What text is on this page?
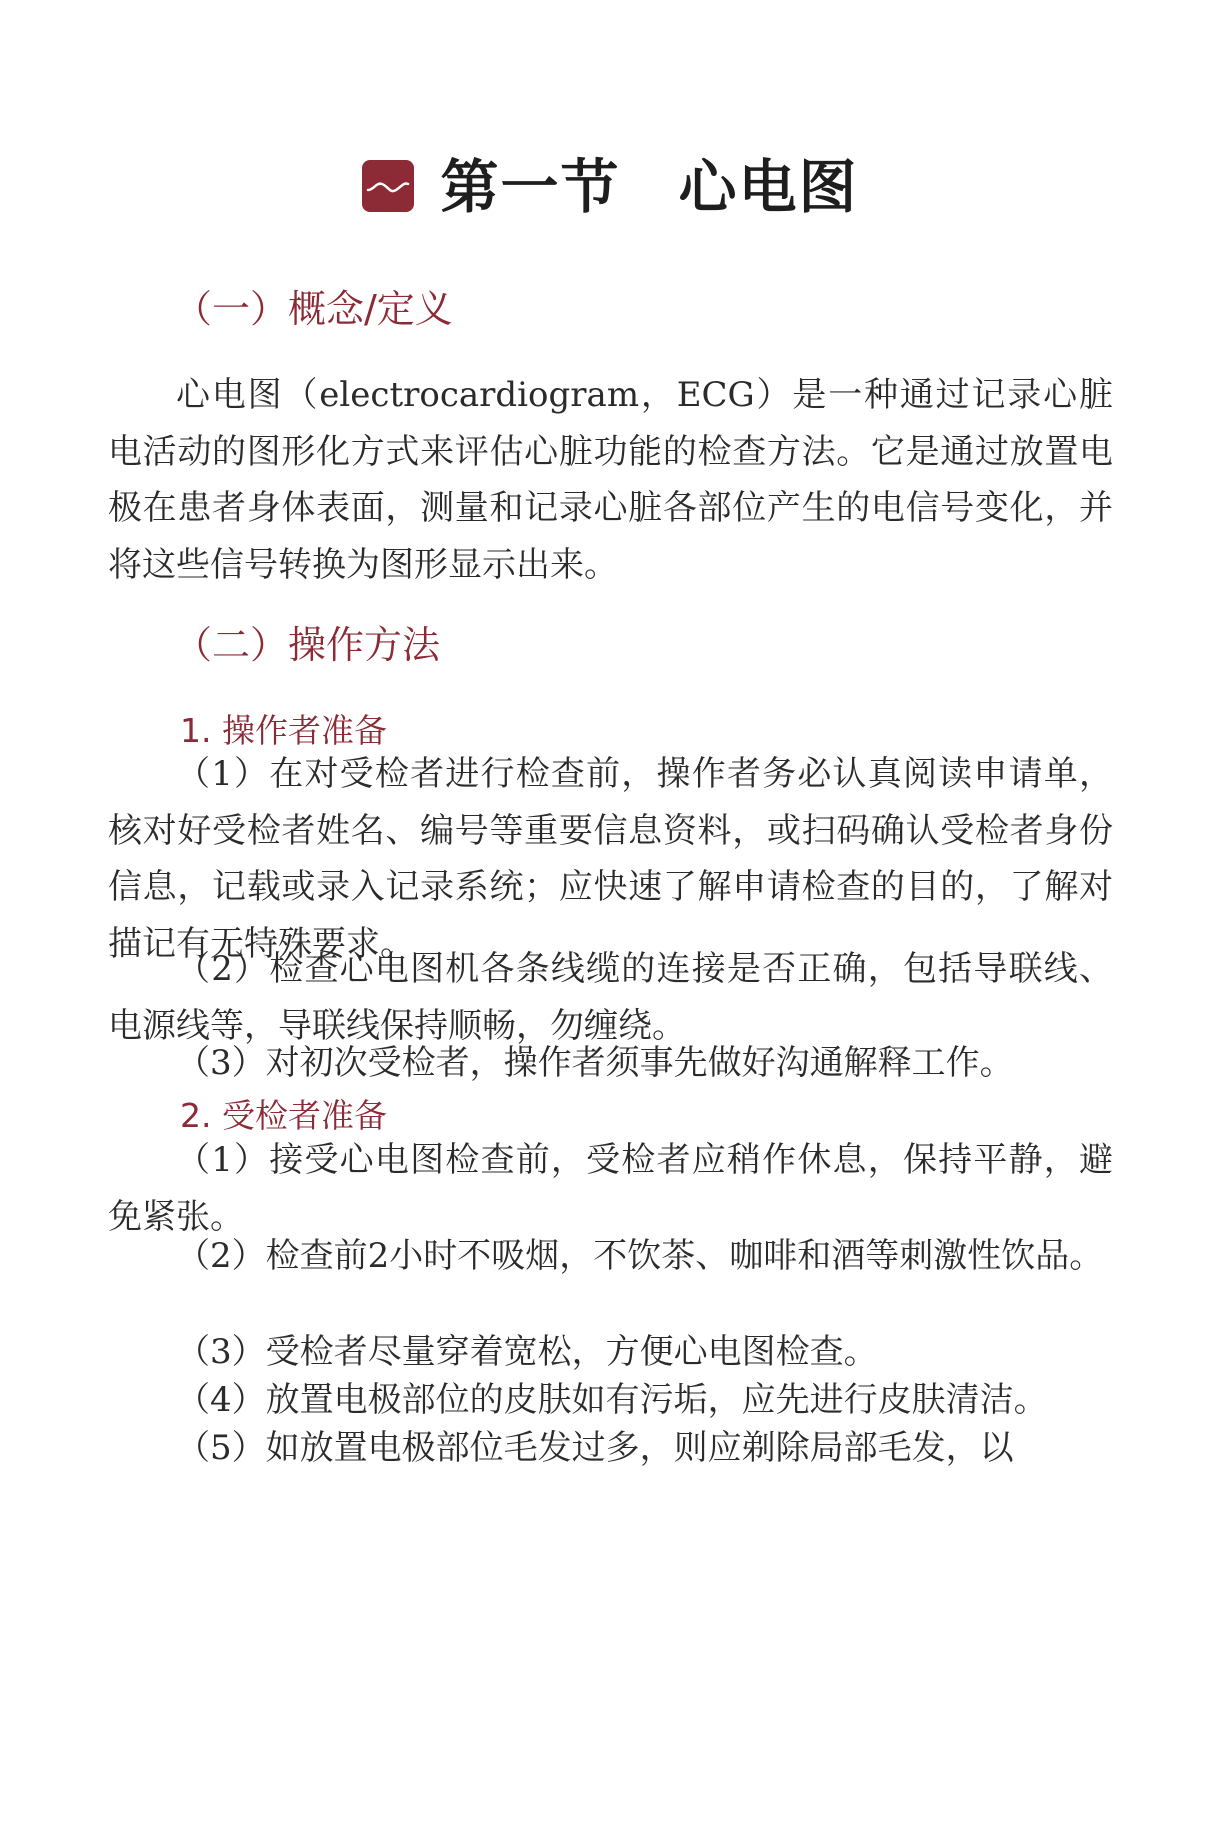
第一节 心电图
（一）概念/定义

心电图（electrocardiogram，ECG）是一种通过记录心脏电活动的图形化方式来评估心脏功能的检查方法。它是通过放置电极在患者身体表面，测量和记录心脏各部位产生的电信号变化，并将这些信号转换为图形显示出来。

（二）操作方法
1. 操作者准备

（1）在对受检者进行检查前，操作者务必认真阅读申请单，核对好受检者姓名、编号等重要信息资料，或扫码确认受检者身份信息，记载或录入记录系统；应快速了解申请检查的目的，了解对描记有无特殊要求。

（2）检查心电图机各条线缆的连接是否正确，包括导联线、电源线等，导联线保持顺畅，勿缠绕。

（3）对初次受检者，操作者须事先做好沟通解释工作。

2. 受检者准备

（1）接受心电图检查前，受检者应稍作休息，保持平静，避免紧张。

（2）检查前2小时不吸烟，不饮茶、咖啡和酒等刺激性饮品。

（3）受检者尽量穿着宽松，方便心电图检查。

（4）放置电极部位的皮肤如有污垢，应先进行皮肤清洁。

（5）如放置电极部位毛发过多，则应剃除局部毛发，以
